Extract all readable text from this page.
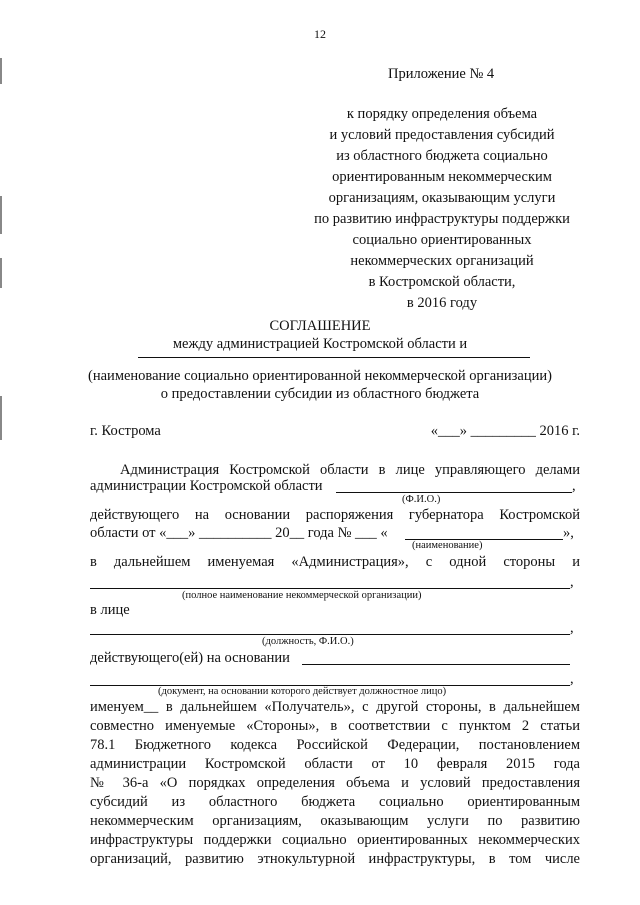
12
Приложение № 4
к порядку определения объема
и условий предоставления субсидий
из областного бюджета социально
ориентированным некоммерческим
организациям, оказывающим услуги
по развитию инфраструктуры поддержки
социально ориентированных
некоммерческих организаций
в Костромской области,
в 2016 году
СОГЛАШЕНИЕ
между администрацией Костромской области и
(наименование социально ориентированной некоммерческой организации)
о предоставлении субсидии из областного бюджета
г. Кострома	«___» _________ 2016 г.
Администрация Костромской области в лице управляющего делами
администрации Костромской области	,
(Ф.И.О.)
действующего на основании распоряжения губернатора Костромской
области от «___» __________ 20__ года № ___ «	»,
(наименование)
в дальнейшем именуемая «Администрация», с одной стороны и
,
(полное наименование некоммерческой организации)
в лице
,
(должность, Ф.И.О.)
действующего(ей) на основании
,
(документ, на основании которого действует должностное лицо)
именуем__ в дальнейшем «Получатель», с другой стороны, в дальнейшем
совместно именуемые «Стороны», в соответствии с пунктом 2 статьи
78.1 Бюджетного кодекса Российской Федерации, постановлением
администрации Костромской области от 10 февраля 2015 года
№ 36-а «О порядках определения объема и условий предоставления
субсидий из областного бюджета социально ориентированным
некоммерческим организациям, оказывающим услуги по развитию
инфраструктуры поддержки социально ориентированных некоммерческих
организаций, развитию этнокультурной инфраструктуры, в том числе
